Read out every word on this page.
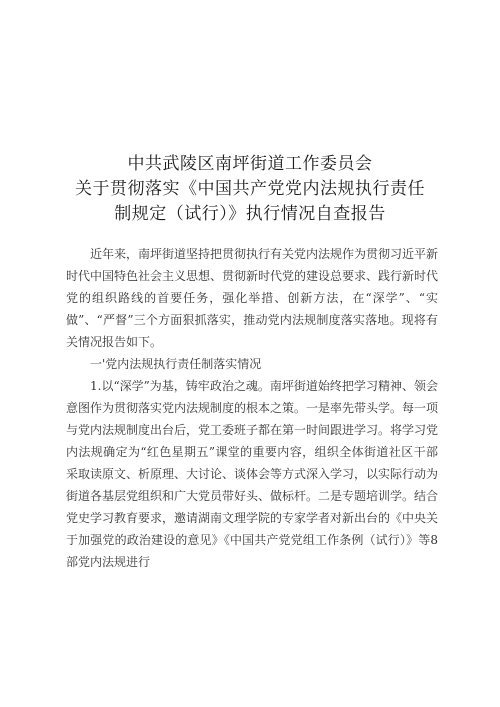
中共武陵区南坪街道工作委员会
关于贯彻落实《中国共产党党内法规执行责任
制规定（试行）》执行情况自查报告

近年来，南坪街道坚持把贯彻执行有关党内法规作为贯彻习近平新时代中国特色社会主义思想、贯彻新时代党的建设总要求、践行新时代党的组织路线的首要任务，强化举措、创新方法，在“深学”、“实做”、“严督”三个方面狠抓落实，推动党内法规制度落实落地。现将有关情况报告如下。

一'党内法规执行责任制落实情况

1.以“深学”为基，铸牢政治之魂。南坪街道始终把学习精神、领会意图作为贯彻落实党内法规制度的根本之策。一是率先带头学。每一项与党内法规制度出台后，党工委班子都在第一时间跟进学习。将学习党内法规确定为“红色星期五”课堂的重要内容，组织全体街道社区干部采取读原文、析原理、大讨论、谈体会等方式深入学习，以实际行动为街道各基层党组织和广大党员带好头、做标杆。二是专题培训学。结合党史学习教育要求，邀请湖南文理学院的专家学者对新出台的《中央关于加强党的政治建设的意见》《中国共产党党组工作条例（试行）》等8部党内法规进行
